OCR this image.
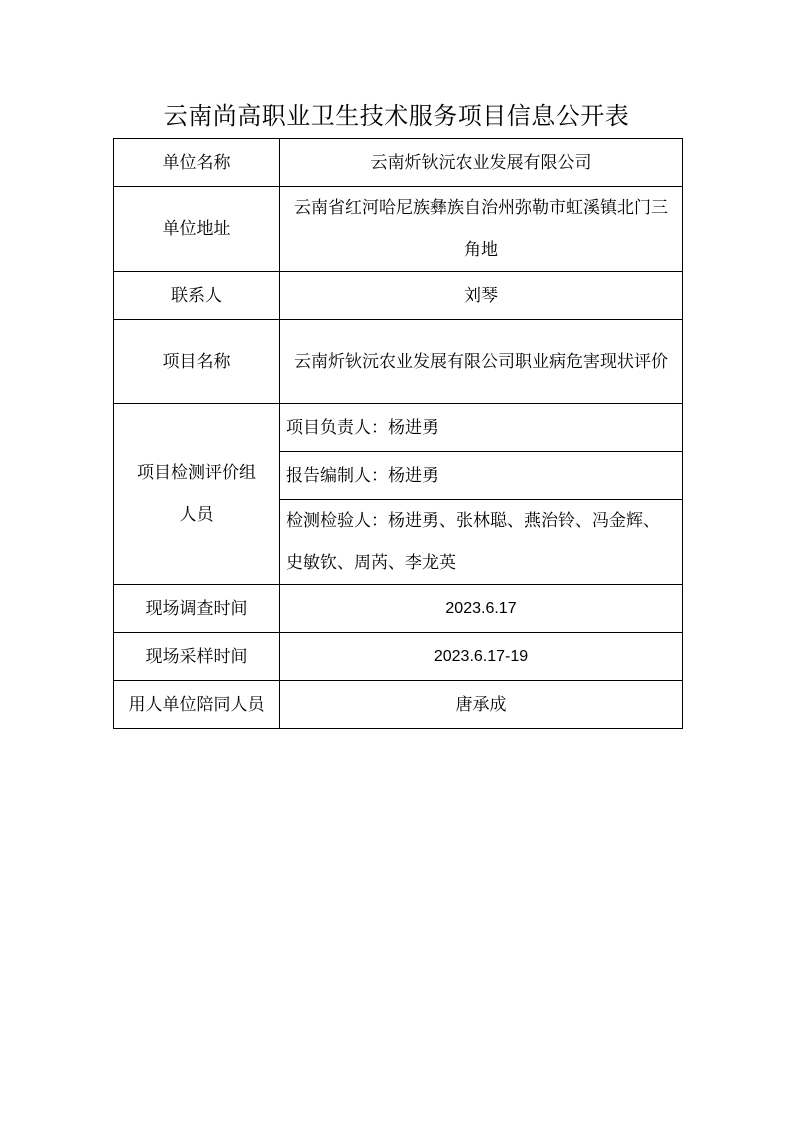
云南尚高职业卫生技术服务项目信息公开表
单位名称	云南炘钬沅农业发展有限公司
单位地址	云南省红河哈尼族彝族自治州弥勒市虹溪镇北门三角地
联系人	刘琴
项目名称	云南炘钬沅农业发展有限公司职业病危害现状评价
项目检测评价组人员	项目负责人：杨进勇
	报告编制人：杨进勇
	检测检验人：杨进勇、张林聪、燕治铃、冯金辉、史敏钦、周芮、李龙英
现场调查时间	2023.6.17
现场采样时间	2023.6.17-19
用人单位陪同人员	唐承成
